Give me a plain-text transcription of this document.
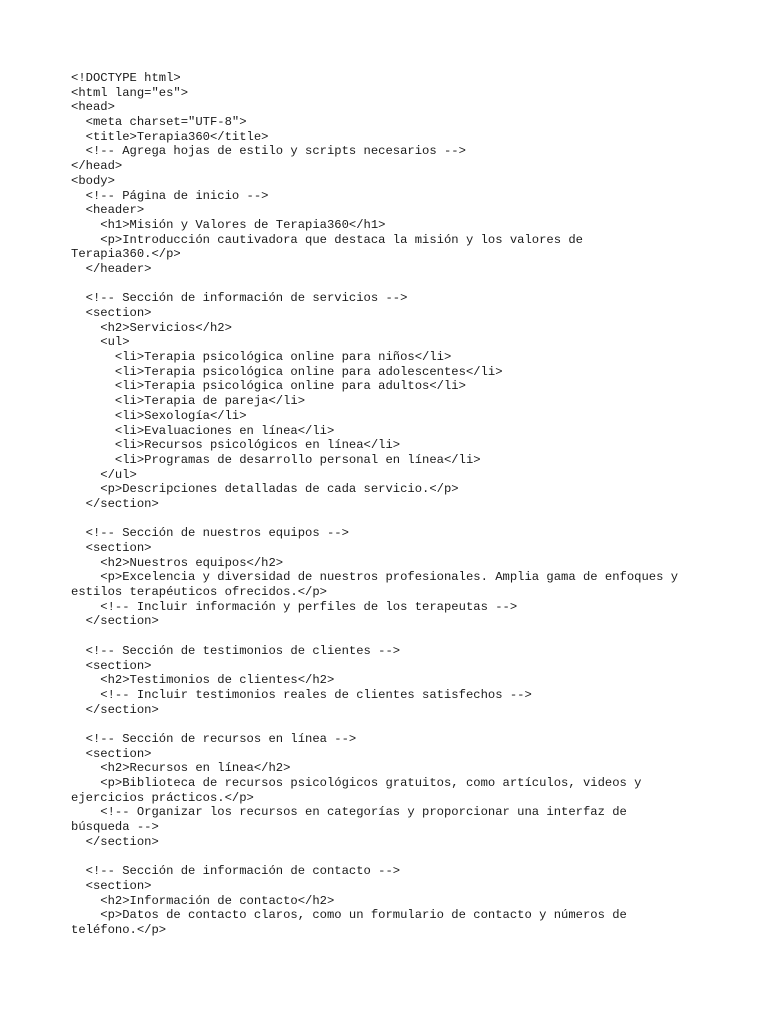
<!DOCTYPE html>
<html lang="es">
<head>
<meta charset="UTF-8">
<title>Terapia360</title>
<!-- Agrega hojas de estilo y scripts necesarios -->
</head>
<body>
<!-- Página de inicio -->
<header>
<h1>Misión y Valores de Terapia360</h1>
<p>Introducción cautivadora que destaca la misión y los valores de
Terapia360.</p>
</header>
<!-- Sección de información de servicios -->
<section>
<h2>Servicios</h2>
<ul>
<li>Terapia psicológica online para niños</li>
<li>Terapia psicológica online para adolescentes</li>
<li>Terapia psicológica online para adultos</li>
<li>Terapia de pareja</li>
<li>Sexología</li>
<li>Evaluaciones en línea</li>
<li>Recursos psicológicos en línea</li>
<li>Programas de desarrollo personal en línea</li>
</ul>
<p>Descripciones detalladas de cada servicio.</p>
</section>
<!-- Sección de nuestros equipos -->
<section>
<h2>Nuestros equipos</h2>
<p>Excelencia y diversidad de nuestros profesionales. Amplia gama de enfoques y
estilos terapéuticos ofrecidos.</p>
<!-- Incluir información y perfiles de los terapeutas -->
</section>
<!-- Sección de testimonios de clientes -->
<section>
<h2>Testimonios de clientes</h2>
<!-- Incluir testimonios reales de clientes satisfechos -->
</section>
<!-- Sección de recursos en línea -->
<section>
<h2>Recursos en línea</h2>
<p>Biblioteca de recursos psicológicos gratuitos, como artículos, videos y
ejercicios prácticos.</p>
<!-- Organizar los recursos en categorías y proporcionar una interfaz de
búsqueda -->
</section>
<!-- Sección de información de contacto -->
<section>
<h2>Información de contacto</h2>
<p>Datos de contacto claros, como un formulario de contacto y números de
teléfono.</p>
